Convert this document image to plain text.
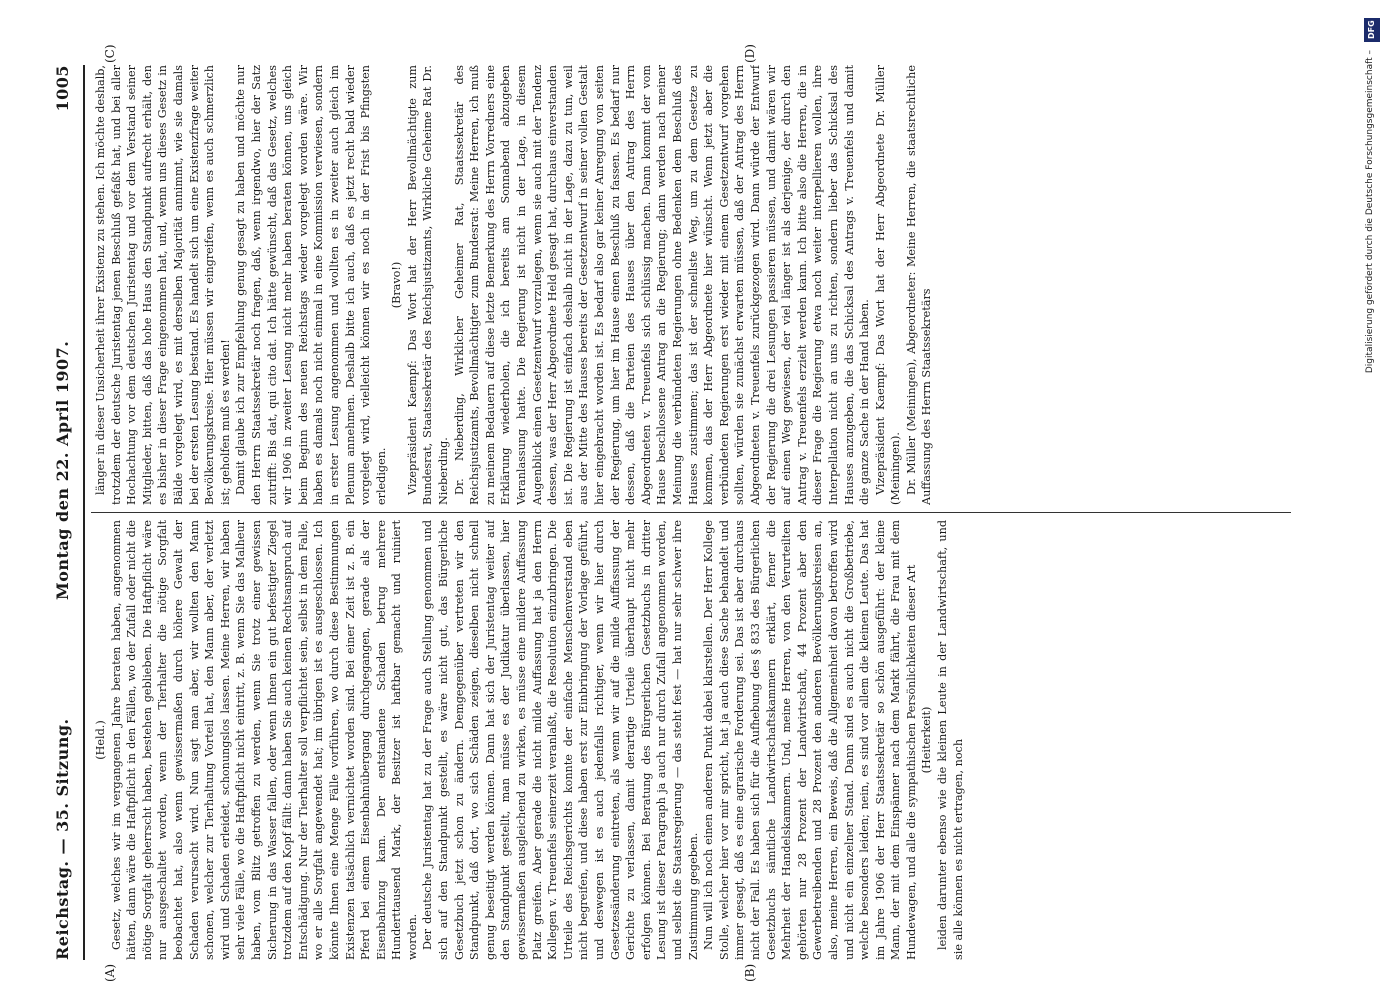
Reichstag. — 35. Sitzung.
Montag den 22. April 1907.
1005

(Held.) Gesetz, welches wir im vergangenen Jahre beraten haben, angenommen hätten, dann wäre die Haftpflicht in den Fällen, wo der Zufall oder nicht die nötige Sorgfalt geherrscht haben, bestehen geblieben. Die Haftpflicht wäre nur ausgeschaltet worden, wenn der Tierhalter die nötige Sorgfalt beobachtet hat, also wenn gewissermaßen durch höhere Gewalt der Schaden verursacht wird. Nun sagt man aber, wir wollten den Mann schonen, welcher zur Tierhaltung Vorteil hat, den Mann aber, der verletzt wird und Schaden erleidet, schonungslos lassen. Meine Herren, wir haben sehr viele Fälle, wo die Haftpflicht nicht eintritt, z. B. wenn Sie das Malheur haben, vom Blitz getroffen zu werden, wenn Sie trotz einer gewissen Sicherung in das Wasser fallen, oder wenn Ihnen ein gut befestigter Ziegel trotzdem auf den Kopf fällt: dann haben Sie auch keinen Rechtsanspruch auf Entschädigung. Nur der Tierhalter soll verpflichtet sein, selbst in dem Falle, wo er alle Sorgfalt angewendet hat; im übrigen ist es ausgeschlossen. Ich könnte Ihnen eine Menge Fälle vorführen, wo durch diese Bestimmungen Existenzen tatsächlich vernichtet worden sind. Bei einer Zeit ist z. B. ein Pferd bei einem Eisenbahnübergang durchgegangen, gerade als der Eisenbahnzug kam. Der entstandene Schaden betrug mehrere Hunderttausend Mark, der Besitzer ist haftbar gemacht und ruiniert worden. Der deutsche Juristentag hat zu der Frage auch Stellung genommen und sich auf den Standpunkt gestellt, es wäre nicht gut, das Bürgerliche Gesetzbuch jetzt schon zu ändern. Demgegenüber vertreten wir den Standpunkt, daß dort, wo sich Schäden zeigen, dieselben nicht schnell genug beseitigt werden können. Dann hat sich der Juristentag weiter auf den Standpunkt gestellt, man müsse es der Judikatur überlassen, hier gewissermaßen ausgleichend zu wirken, es müsse eine mildere Auffassung Platz greifen. Aber gerade die nicht milde Auffassung hat ja den Herrn Kollegen v. Treuenfels seinerzeit veranlaßt, die Resolution einzubringen. Die Urteile des Reichsgerichts konnte der einfache Menschenverstand eben nicht begreifen, und diese haben erst zur Einbringung der Vorlage geführt, und deswegen ist es auch jedenfalls richtiger, wenn wir hier durch Gesetzesänderung eintreten, als wenn wir auf die milde Auffassung der Gerichte zu verlassen, damit derartige Urteile überhaupt nicht mehr erfolgen können. Bei Beratung des Bürgerlichen Gesetzbuchs in dritter Lesung ist dieser Paragraph ja auch nur durch Zufall angenommen worden, und selbst die Staatsregierung — das steht fest — hat nur sehr schwer ihre Zustimmung gegeben. Nun will ich noch einen anderen Punkt dabei klarstellen. Der Herr Kollege Stolle, welcher hier vor mir spricht, hat ja auch diese Sache behandelt und immer gesagt, daß es eine agrarische Forderung sei. Das ist aber durchaus nicht der Fall. Es haben sich für die Aufhebung des § 833 des Bürgerlichen Gesetzbuchs sämtliche Landwirtschaftskammern erklärt, ferner die Mehrheit der Handelskammern. Und, meine Herren, von den Verurteilten gehörten nur 28 Prozent der Landwirtschaft, 44 Prozent aber den Gewerbetreibenden und 28 Prozent den anderen Bevölkerungskreisen an, also, meine Herren, ein Beweis, daß die Allgemeinheit davon betroffen wird und nicht ein einzelner Stand. Dann sind es auch nicht die Großbetriebe, welche besonders leiden; nein, es sind vor allem die kleinen Leute. Das hat im Jahre 1906 der Herr Staatssekretär so schön ausgeführt: der kleine Mann, der mit dem Einspänner nach dem Markt fährt, die Frau mit dem Hundewagen, und alle die sympathischen Persönlichkeiten dieser Art (Heiterkeit) leiden darunter ebenso wie die kleinen Leute in der Landwirtschaft, und sie alle können es nicht ertragen, noch

länger in dieser Unsicherheit ihrer Existenz zu stehen. Ich möchte deshalb, trotzdem der deutsche Juristentag jenen Beschluß gefaßt hat, und bei aller Hochachtung vor dem deutschen Juristentag und vor dem Verstand seiner Mitglieder, bitten, daß das hohe Haus den Standpunkt aufrecht erhält, den es bisher in dieser Frage eingenommen hat, und, wenn uns dieses Gesetz in Bälde vorgelegt wird, es mit derselben Majorität annimmt, wie sie damals bei der ersten Lesung bestand. Es handelt sich um eine Existenzfrage weiter Bevölkerungskreise. Hier müssen wir eingreifen, wenn es auch schmerzlich ist; geholfen muß es werden! Damit glaube ich zur Empfehlung genug gesagt zu haben und möchte nur den Herrn Staatssekretär noch fragen, daß, wenn irgendwo, hier der Satz zutrifft: Bis dat, qui cito dat. Ich hätte gewünscht, daß das Gesetz, welches wir 1906 in zweiter Lesung nicht mehr haben beraten können, uns gleich beim Beginn des neuen Reichstags wieder vorgelegt worden wäre. Wir haben es damals noch nicht einmal in eine Kommission verwiesen, sondern in erster Lesung angenommen und wollten es in zweiter auch gleich im Plenum annehmen. Deshalb bitte ich auch, daß es jetzt recht bald wieder vorgelegt wird, vielleicht können wir es noch in der Frist bis Pfingsten erledigen.

(Bravo!) Vizepräsident Kaempf: Das Wort hat der Herr Bevollmächtigte zum Bundesrat, Staatssekretär des Reichsjustizamts, Wirkliche Geheime Rat Dr. Nieberding. Dr. Nieberding, Wirklicher Geheimer Rat, Staatssekretär des Reichsjustizamts, Bevollmächtigter zum Bundesrat: Meine Herren, ich muß zu meinem Bedauern auf diese letzte Bemerkung des Herrn Vorredners eine Erklärung wiederholen, die ich bereits am Sonnabend abzugeben Veranlassung hatte. Die Regierung ist nicht in der Lage, in diesem Augenblick einen Gesetzentwurf vorzulegen, wenn sie auch mit der Tendenz dessen, was der Herr Abgeordnete Held gesagt hat, durchaus einverstanden ist. Die Regierung ist einfach deshalb nicht in der Lage, dazu zu tun, weil aus der Mitte des Hauses bereits der Gesetzentwurf in seiner vollen Gestalt hier eingebracht worden ist. Es bedarf also gar keiner Anregung von seiten der Regierung, um hier im Hause einen Beschluß zu fassen. Es bedarf nur dessen, daß die Parteien des Hauses über den Antrag des Herrn Abgeordneten v. Treuenfels sich schlüssig machen. Dann kommt der vom Hause beschlossene Antrag an die Regierung; dann werden nach meiner Meinung die verbündeten Regierungen ohne Bedenken dem Beschluß des Hauses zustimmen; das ist der schnellste Weg, um zu dem Gesetze zu kommen, das der Herr Abgeordnete hier wünscht. Wenn jetzt aber die verbündeten Regierungen erst wieder mit einem Gesetzentwurf vorgehen sollten, würden sie zunächst erwarten müssen, daß der Antrag des Herrn Abgeordneten v. Treuenfels zurückgezogen wird. Dann würde der Entwurf der Regierung die drei Lesungen passieren müssen, und damit wären wir auf einen Weg gewiesen, der viel länger ist als derjenige, der durch den Antrag v. Treuenfels erzielt werden kann. Ich bitte also die Herren, die in dieser Frage die Regierung etwa noch weiter interpellieren wollen, ihre Interpellation nicht an uns zu richten, sondern lieber das Schicksal des Hauses anzugeben, die das Schicksal des Antrags v. Treuenfels und damit die ganze Sache in der Hand haben. Vizepräsident Kaempf: Das Wort hat der Herr Abgeordnete Dr. Müller (Meiningen). Dr. Müller (Meiningen), Abgeordneter: Meine Herren, die staatsrechtliche Auffassung des Herrn Staatssekretärs

(A)	(B)
(C)	(D)
DFG
Digitalisierung gefördert durch die Deutsche Forschungsgemeinschaft –
